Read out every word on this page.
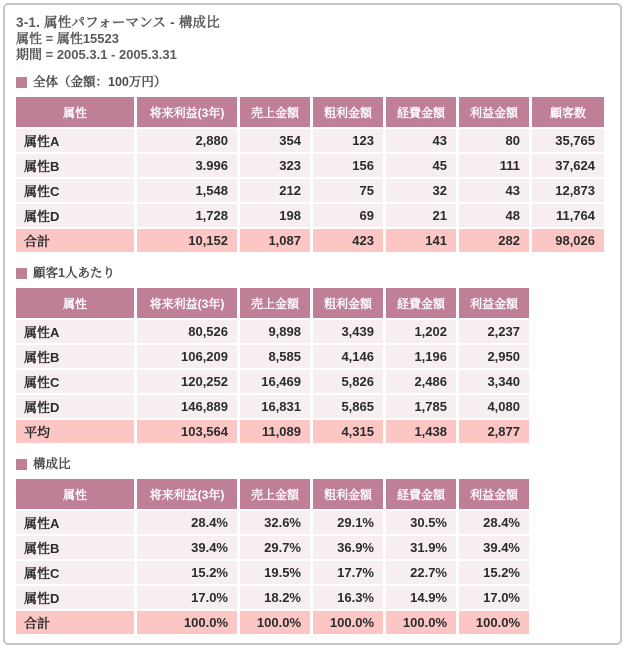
3-1. 属性パフォーマンス - 構成比
属性 = 属性15523
期間 = 2005.3.1 - 2005.3.31
全体（金額：100万円）
属性	将来利益(3年)	売上金額	粗利金額	経費金額	利益金額	顧客数
属性A	2,880	354	123	43	80	35,765
属性B	3.996	323	156	45	111	37,624
属性C	1,548	212	75	32	43	12,873
属性D	1,728	198	69	21	48	11,764
合計	10,152	1,087	423	141	282	98,026
顧客1人あたり
属性	将来利益(3年)	売上金額	粗利金額	経費金額	利益金額
属性A	80,526	9,898	3,439	1,202	2,237
属性B	106,209	8,585	4,146	1,196	2,950
属性C	120,252	16,469	5,826	2,486	3,340
属性D	146,889	16,831	5,865	1,785	4,080
平均	103,564	11,089	4,315	1,438	2,877
構成比
属性	将来利益(3年)	売上金額	粗利金額	経費金額	利益金額
属性A	28.4%	32.6%	29.1%	30.5%	28.4%
属性B	39.4%	29.7%	36.9%	31.9%	39.4%
属性C	15.2%	19.5%	17.7%	22.7%	15.2%
属性D	17.0%	18.2%	16.3%	14.9%	17.0%
合計	100.0%	100.0%	100.0%	100.0%	100.0%
